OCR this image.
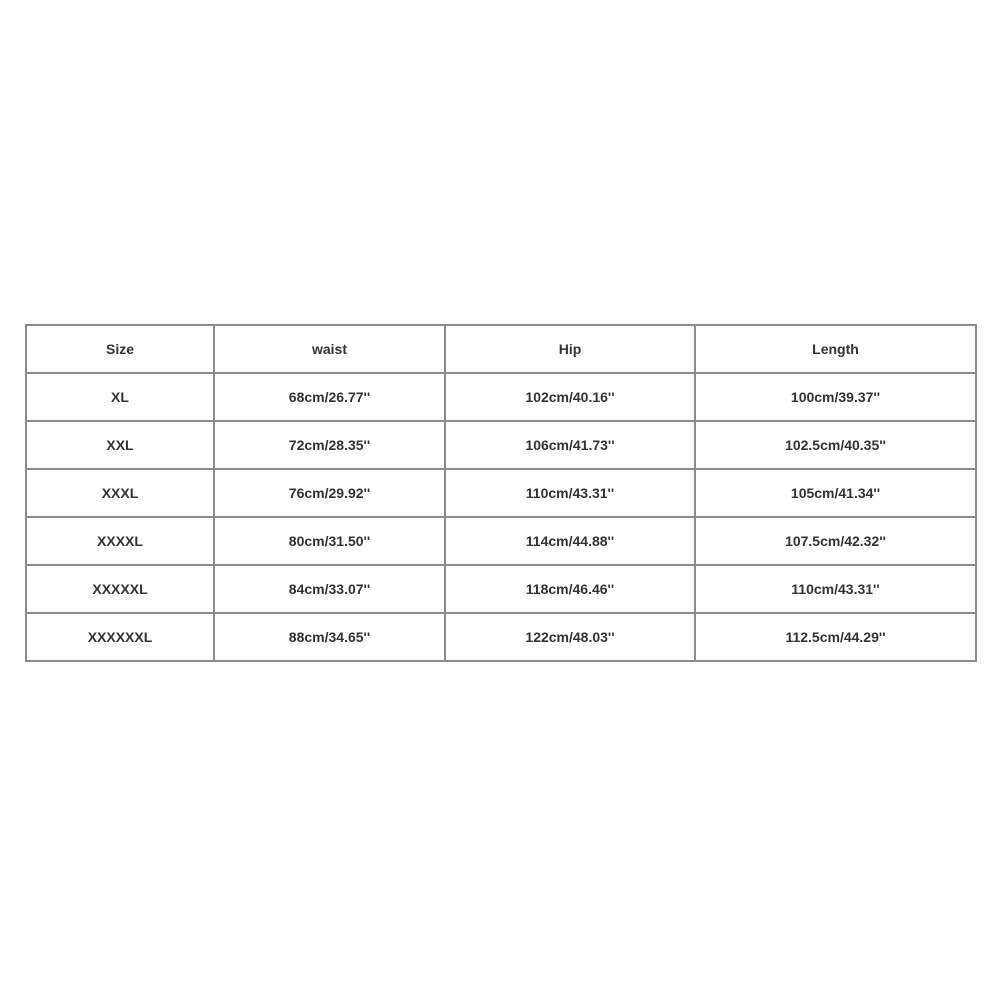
Size	waist	Hip	Length
XL	68cm/26.77''	102cm/40.16''	100cm/39.37''
XXL	72cm/28.35''	106cm/41.73''	102.5cm/40.35''
XXXL	76cm/29.92''	110cm/43.31''	105cm/41.34''
XXXXL	80cm/31.50''	114cm/44.88''	107.5cm/42.32''
XXXXXL	84cm/33.07''	118cm/46.46''	110cm/43.31''
XXXXXXL	88cm/34.65''	122cm/48.03''	112.5cm/44.29''
